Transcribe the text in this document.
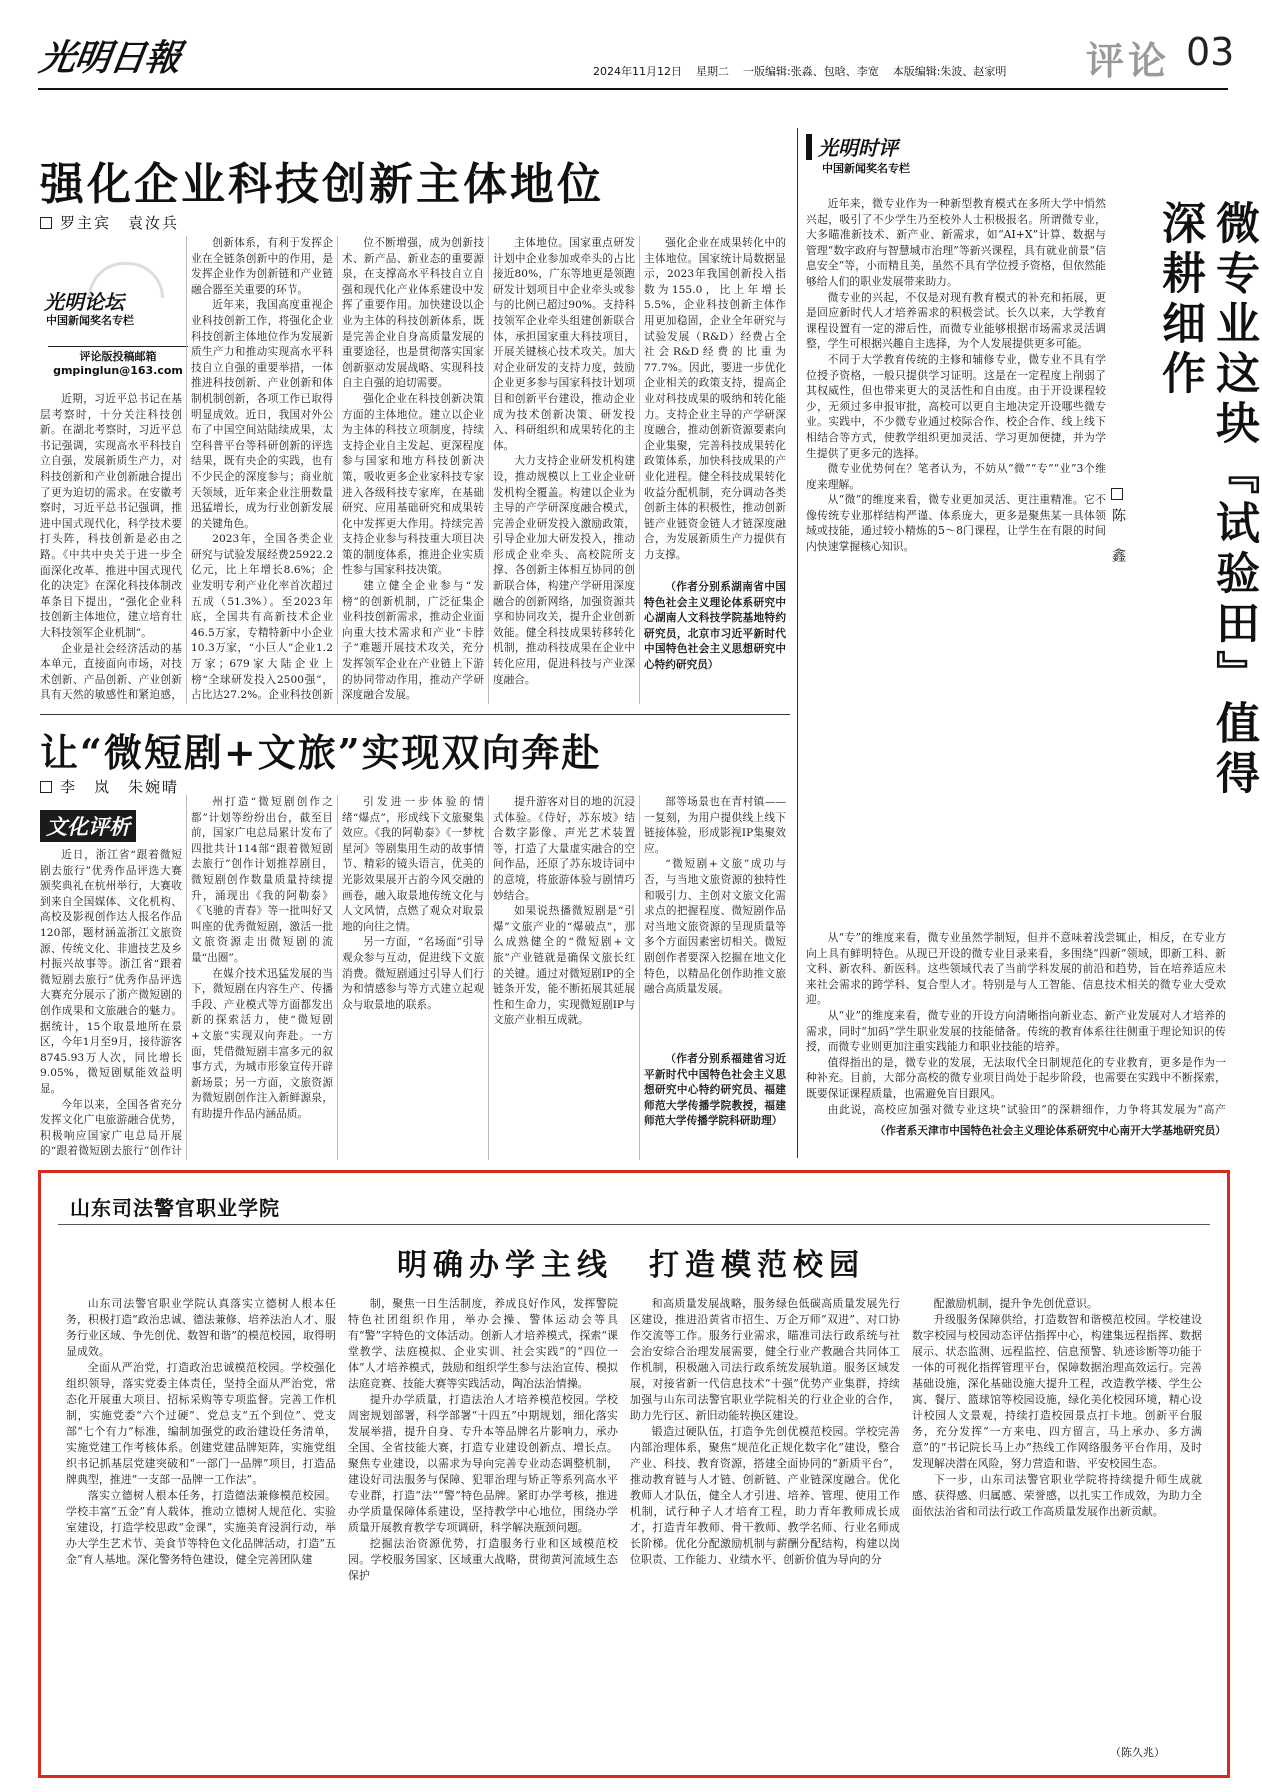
光明日報	2024年11月12日 星期二 一版编辑:张淼、包晗、李宽 本版编辑:朱波、赵家明 评论 03
强化企业科技创新主体地位
罗主宾　袁汝兵
光明论坛
中国新闻奖名专栏
评论版投稿邮箱
gmpinglun@163.com

近期，习近平总书记在基层考察时，十分关注科技创新。在湖北考察时，习近平总书记强调，实现高水平科技自立自强，发展新质生产力，对科技创新和产业创新融合提出了更为迫切的需求。在安徽考察时，习近平总书记强调，推进中国式现代化，科学技术要打头阵，科技创新是必由之路。《中共中央关于进一步全面深化改革、推进中国式现代化的决定》在深化科技体制改革条目下提出，“强化企业科技创新主体地位，建立培育壮大科技领军企业机制”。

企业是社会经济活动的基本单元，直接面向市场，对技术创新、产品创新、产业创新具有天然的敏感性和紧迫感，

创新体系，有利于发挥企业在全链条创新中的作用，是发挥企业作为创新链和产业链融合器至关重要的环节。

近年来，我国高度重视企业科技创新工作，将强化企业科技创新主体地位作为发展新质生产力和推动实现高水平科技自立自强的重要举措，一体推进科技创新、产业创新和体制机制创新，各项工作已取得明显成效。近日，我国对外公布了中国空间站陆续成果，太空科普平台等科研创新的评选结果，既有央企的实践，也有不少民企的深度参与；商业航天领域，近年来企业注册数量迅猛增长，成为行业创新发展的关键角色。

2023年，全国各类企业研究与试验发展经费25922.2亿元，比上年增长8.6%；企业发明专利产业化率首次超过五成（51.3%）。至2023年底，全国共有高新技术企业46.5万家，专精特新中小企业10.3万家，“小巨人”企业1.2万家；679家大陆企业上榜“全球研发投入2500强”，占比达27.2%。企业科技创新

位不断增强，成为创新技术、新产品、新业态的重要源泉，在支撑高水平科技自立自强和现代化产业体系建设中发挥了重要作用。加快建设以企业为主体的科技创新体系，既是完善企业自身高质量发展的重要途径，也是贯彻落实国家创新驱动发展战略、实现科技自主自强的迫切需要。

强化企业在科技创新决策方面的主体地位。建立以企业为主体的科技立项制度，持续支持企业自主发起、更深程度参与国家和地方科技创新决策，吸收更多企业家科技专家进入各级科技专家库，在基础研究、应用基础研究和成果转化中发挥更大作用。持续完善支持企业参与科技重大项目决策的制度体系，推进企业实质性参与国家科技决策。

建立健全企业参与“发榜”的创新机制，广泛征集企业科技创新需求，推动企业面向重大技术需求和产业“卡脖子”难题开展技术攻关，充分发挥领军企业在产业链上下游的协同带动作用，推动产学研深度融合发展。

主体地位。国家重点研发计划中企业参加或牵头的占比接近80%，广东等地更是领跑研发计划项目中企业牵头或参与的比例已超过90%。支持科技领军企业牵头组建创新联合体，承担国家重大科技项目，开展关键核心技术攻关。加大对企业研发的支持力度，鼓励企业更多参与国家科技计划项目和创新平台建设，推动企业成为技术创新决策、研发投入、科研组织和成果转化的主体。

大力支持企业研发机构建设，推动规模以上工业企业研发机构全覆盖。构建以企业为主导的产学研深度融合模式，完善企业研发投入激励政策，引导企业加大研发投入，推动形成企业牵头、高校院所支撑、各创新主体相互协同的创新联合体，构建产学研用深度融合的创新网络，加强资源共享和协同攻关，提升企业创新效能。健全科技成果转移转化机制，推动科技成果在企业中转化应用，促进科技与产业深度融合。

强化企业在成果转化中的主体地位。国家统计局数据显示，2023年我国创新投入指数为155.0，比上年增长5.5%，企业科技创新主体作用更加稳固，企业全年研究与试验发展（R&D）经费占全社会R&D经费的比重为77.7%。因此，要进一步优化企业相关的政策支持，提高企业对科技成果的吸纳和转化能力。支持企业主导的产学研深度融合，推动创新资源要素向企业集聚，完善科技成果转化政策体系，加快科技成果的产业化进程。健全科技成果转化收益分配机制，充分调动各类创新主体的积极性，推动创新链产业链资金链人才链深度融合，为发展新质生产力提供有力支撑。

（作者分别系湖南省中国特色社会主义理论体系研究中心湖南人文科技学院基地特约研究员，北京市习近平新时代中国特色社会主义思想研究中心特约研究员）

让“微短剧+文旅”实现双向奔赴
李　岚　朱婉晴
文化评析

近日，浙江省“跟着微短剧去旅行”优秀作品评选大赛颁奖典礼在杭州举行，大赛收到来自全国媒体、文化机构、高校及影视创作达人报名作品120部，题材涵盖浙江文旅资源、传统文化、非遗技艺及乡村振兴故事等。浙江省“跟着微短剧去旅行”优秀作品评选大赛充分展示了浙产微短剧的创作成果和文旅融合的魅力。据统计，15个取景地所在景区，今年1月至9月，接待游客8745.93万人次，同比增长9.05%，微短剧赋能效益明显。

今年以来，全国各省充分发挥文化广电旅游融合优势，积极响应国家广电总局开展的“跟着微短剧去旅行”创作计

州打造“微短剧创作之都”计划等纷纷出台，截至目前，国家广电总局累计发布了四批共计114部“跟着微短剧去旅行”创作计划推荐剧目，微短剧创作数量质量持续提升，涌现出《我的阿勒泰》《飞驰的青春》等一批叫好又叫座的优秀微短剧，激活一批文旅资源走出微短剧的流量“出圈”。

在媒介技术迅猛发展的当下，微短剧在内容生产、传播手段、产业模式等方面都发出新的探索活力，使“微短剧+文旅”实现双向奔赴。一方面，凭借微短剧丰富多元的叙事方式，为城市形象宣传开辟新场景；另一方面，文旅资源为微短剧创作注入新鲜源泉，有助提升作品内涵品质。

引发进一步体验的情绪“爆点”，形成线下文旅聚集效应。《我的阿勒泰》《一梦枕星河》等剧集用生动的故事情节、精彩的镜头语言，优美的光影效果展开古韵今风交融的画卷，融入取景地传统文化与人文风情，点燃了观众对取景地的向往之情。

另一方面，“名场面”引导观众参与互动，促进线下文旅消费。微短剧通过引导人们行为和情感参与等方式建立起观众与取景地的联系。

提升游客对目的地的沉浸式体验。《侍好，苏东坡》结合数字影像、声光艺术装置等，打造了大量虚实融合的空间作品，还原了苏东坡诗词中的意境，将旅游体验与剧情巧妙结合。

如果说热播微短剧是“引爆”文旅产业的“爆破点”，那么成熟健全的“微短剧+文旅”产业链就是确保文旅长红的关键。通过对微短剧IP的全链条开发，能不断拓展其延展性和生命力，实现微短剧IP与文旅产业相互成就。

部等场景也在青村镇——一复刻，为用户提供线上线下链接体验，形成影视IP集聚效应。

“微短剧+文旅”成功与否，与当地文旅资源的独特性和吸引力、主创对文旅文化需求点的把握程度、微短剧作品对当地文旅资源的呈现质量等多个方面因素密切相关。微短剧创作者要深入挖掘在地文化特色，以精品化创作助推文旅融合高质量发展。

（作者分别系福建省习近平新时代中国特色社会主义思想研究中心特约研究员、福建师范大学传播学院教授，福建师范大学传播学院科研助理）

光明时评
中国新闻奖名专栏
微专业这块『试验田』值得深耕细作
陈　鑫

近年来，微专业作为一种新型教育模式在多所大学中悄然兴起，吸引了不少学生乃至校外人士积极报名。所谓微专业，大多瞄准新技术、新产业、新需求，如“AI+X”计算、数据与管理“数字政府与智慧城市治理”等新兴课程，具有就业前景“信息安全”等，小而精且美，虽然不具有学位授予资格，但依然能够给人们的职业发展带来助力。

微专业的兴起，不仅是对现有教育模式的补充和拓展，更是回应新时代人才培养需求的积极尝试。长久以来，大学教育课程设置有一定的滞后性，而微专业能够根据市场需求灵活调整，学生可根据兴趣自主选择，为个人发展提供更多可能。

不同于大学教育传统的主修和辅修专业，微专业不具有学位授予资格，一般只提供学习证明。这是在一定程度上削弱了其权威性，但也带来更大的灵活性和自由度。由于开设课程较少，无须过多申报审批，高校可以更自主地决定开设哪些微专业。实践中，不少微专业通过校际合作、校企合作、线上线下相结合等方式，使教学组织更加灵活、学习更加便捷，并为学生提供了更多元的选择。

微专业优势何在？笔者认为，不妨从“微”“专”“业”3个维度来理解。

从“微”的维度来看，微专业更加灵活、更注重精准。它不像传统专业那样结构严谨、体系庞大，更多是聚焦某一具体领域或技能，通过较小精炼的5～8门课程，让学生在有限的时间内快速掌握核心知识。

从“专”的维度来看，微专业虽然学制短，但并不意味着浅尝辄止，相反，在专业方向上具有鲜明特色。从现已开设的微专业目录来看，多围绕“四新”领域，即新工科、新文科、新农科、新医科。这些领域代表了当前学科发展的前沿和趋势，旨在培养适应未来社会需求的跨学科、复合型人才。特别是与人工智能、信息技术相关的微专业大受欢迎。

从“业”的维度来看，微专业的开设方向清晰指向新业态、新产业发展对人才培养的需求，同时“加码”学生职业发展的技能储备。传统的教育体系往往侧重于理论知识的传授，而微专业则更加注重实践能力和职业技能的培养。

值得指出的是，微专业的发展，无法取代全日制规范化的专业教育，更多是作为一种补充。目前，大部分高校的微专业项目尚处于起步阶段，也需要在实践中不断探索，既要保证课程质量，也需避免盲目跟风。

由此说，高校应加强对微专业这块“试验田”的深耕细作，力争将其发展为“高产

（作者系天津市中国特色社会主义理论体系研究中心南开大学基地研究员）

山东司法警官职业学院
明确办学主线　打造模范校园

山东司法警官职业学院认真落实立德树人根本任务，积极打造“政治忠诚、德法兼修、培养法治人才、服务行业区域、争先创优、数智和谐”的模范校园，取得明显成效。

全面从严治党，打造政治忠诚模范校园。学校强化组织领导，落实党委主体责任，坚持全面从严治党，常态化开展重大项目、招标采购等专项监督。完善工作机制，实施党委“六个过硬”、党总支“五个到位”、党支部“七个有力”标准，编制加强党的政治建设任务清单，实施党建工作考核体系。创建党建品牌矩阵，实施党组织书记抓基层党建突破和“一部门一品牌”项目，打造品牌典型，推进“一支部一品牌一工作法”。

落实立德树人根本任务，打造德法兼修模范校园。学校丰富“五金”育人载体，推动立德树人规范化、实验室建设，打造学校思政“金课”，实施美育浸润行动，举办大学生艺术节、美食节等特色文化品牌活动，打造“五金”育人基地。深化警务特色建设，健全完善团队建

制，聚焦一日生活制度，养成良好作风，发挥警院特色社团组织作用，举办会操、警体运动会等具有“警”字特色的文体活动。创新人才培养模式，探索“课堂教学、法庭模拟、企业实训、社会实践”的“四位一体”人才培养模式，鼓励和组织学生参与法治宣传、模拟法庭竞赛、技能大赛等实践活动，陶冶法治情操。

提升办学质量，打造法治人才培养模范校园。学校周密规划部署，科学部署“十四五”中期规划，细化落实发展举措，提升自身、专升本等品牌名片影响力，承办全国、全省技能大赛，打造专业建设创新点、增长点。聚焦专业建设，以需求为导向完善专业动态调整机制，建设好司法服务与保障、犯罪治理与矫正等系列高水平专业群，打造“法”“警”特色品牌。紧盯办学考核，推进办学质量保障体系建设，坚持教学中心地位，围绕办学质量开展教育教学专项调研，科学解决瓶颈问题。

挖掘法治资源优势，打造服务行业和区域模范校园。学校服务国家、区域重大战略，贯彻黄河流域生态保护

和高质量发展战略，服务绿色低碳高质量发展先行区建设，推进沿黄省市招生、万企万师“双进”、对口协作交流等工作。服务行业需求，瞄准司法行政系统与社会治安综合治理发展需要，健全行业产教融合共同体工作机制，积极融入司法行政系统发展轨道。服务区域发展，对接省新一代信息技术“十强”优势产业集群，持续加强与山东司法警官职业学院相关的行业企业的合作，助力先行区、新旧动能转换区建设。

锻造过硬队伍，打造争先创优模范校园。学校完善内部治理体系，聚焦“规范化正规化数字化”建设，整合产业、科技、教育资源，搭建全面协同的“新质平台”，推动教育链与人才链、创新链、产业链深度融合。优化教师人才队伍，健全人才引进、培养、管理、使用工作机制，试行种子人才培育工程，助力青年教师成长成才，打造青年教师、骨干教师、教学名师、行业名师成长阶梯。优化分配激励机制与薪酬分配结构，构建以岗位职责、工作能力、业绩水平、创新价值为导向的分

配激励机制，提升争先创优意识。

升级服务保障供给，打造数智和谐模范校园。学校建设数字校园与校园动态评估指挥中心，构建集远程指挥、数据展示、状态监测、远程监控、信息预警、轨迹诊断等功能于一体的可视化指挥管理平台，保障数据治理高效运行。完善基础设施，深化基础设施大提升工程，改造教学楼、学生公寓、餐厅、篮球馆等校园设施，绿化美化校园环境，精心设计校园人文景观，持续打造校园景点打卡地。创新平台服务，充分发挥“一方来电、四方留言，马上承办、多方满意”的“书记院长马上办”热线工作网络服务平台作用，及时发现解决潜在风险，努力营造和谐、平安校园生态。

下一步，山东司法警官职业学院将持续提升师生成就感、获得感、归属感、荣誉感，以扎实工作成效，为助力全面依法治省和司法行政工作高质量发展作出新贡献。

（陈久兆）
